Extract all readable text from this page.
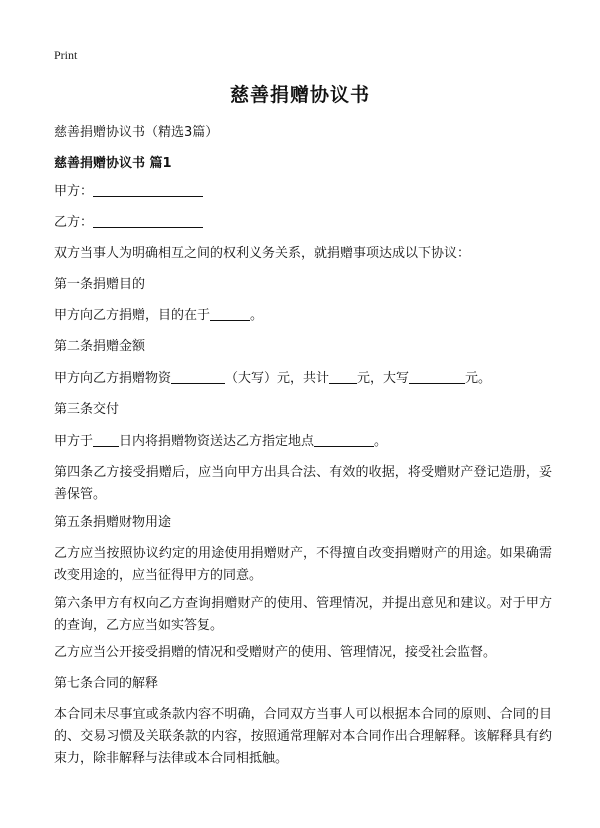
Print
慈善捐赠协议书
慈善捐赠协议书（精选3篇）
慈善捐赠协议书 篇1
甲方：
乙方：
双方当事人为明确相互之间的权利义务关系，就捐赠事项达成以下协议：
第一条捐赠目的
甲方向乙方捐赠，目的在于	。
第二条捐赠金额
甲方向乙方捐赠物资	（大写）元，共计 元，大写	元。
第三条交付
甲方于 日内将捐赠物资送达乙方指定地点	。
第四条乙方接受捐赠后，应当向甲方出具合法、有效的收据，将受赠财产登记造册，妥善保管。
第五条捐赠财物用途
乙方应当按照协议约定的用途使用捐赠财产，不得擅自改变捐赠财产的用途。如果确需改变用途的，应当征得甲方的同意。
第六条甲方有权向乙方查询捐赠财产的使用、管理情况，并提出意见和建议。对于甲方的查询，乙方应当如实答复。
乙方应当公开接受捐赠的情况和受赠财产的使用、管理情况，接受社会监督。
第七条合同的解释
本合同未尽事宜或条款内容不明确，合同双方当事人可以根据本合同的原则、合同的目的、交易习惯及关联条款的内容，按照通常理解对本合同作出合理解释。该解释具有约束力，除非解释与法律或本合同相抵触。
